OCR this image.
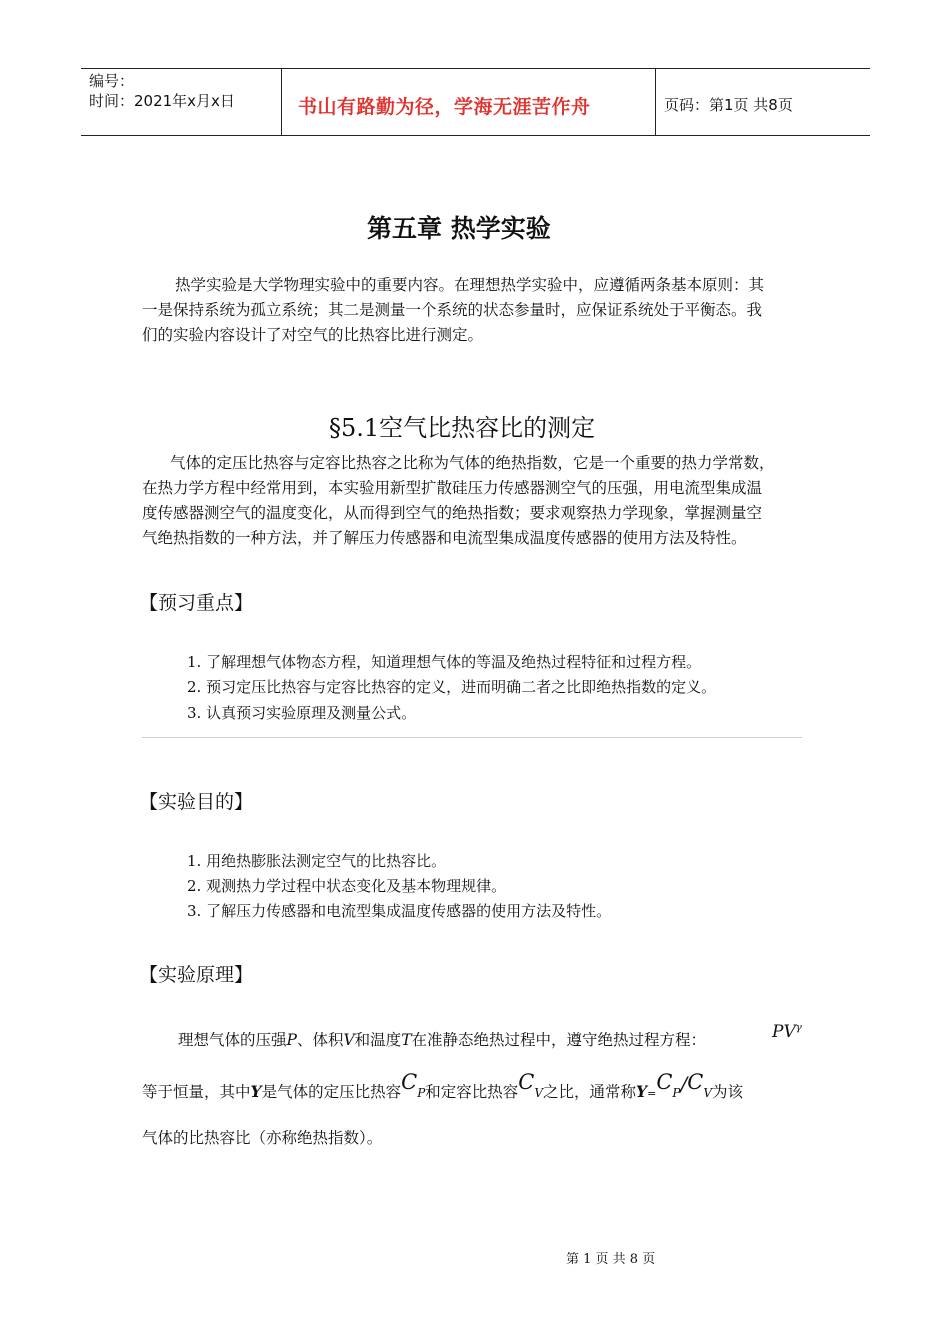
编号：
时间：2021年x月x日	书山有路勤为径，学海无涯苦作舟	页码：第1页 共8页
第五章 热学实验
热学实验是大学物理实验中的重要内容。在理想热学实验中，应遵循两条基本原则：其
一是保持系统为孤立系统；其二是测量一个系统的状态参量时，应保证系统处于平衡态。我
们的实验内容设计了对空气的比热容比进行测定。
§5.1空气比热容比的测定
气体的定压比热容与定容比热容之比称为气体的绝热指数，它是一个重要的热力学常数，
在热力学方程中经常用到，本实验用新型扩散硅压力传感器测空气的压强，用电流型集成温
度传感器测空气的温度变化，从而得到空气的绝热指数；要求观察热力学现象，掌握测量空
气绝热指数的一种方法，并了解压力传感器和电流型集成温度传感器的使用方法及特性。
【预习重点】
1. 了解理想气体物态方程，知道理想气体的等温及绝热过程特征和过程方程。
2. 预习定压比热容与定容比热容的定义，进而明确二者之比即绝热指数的定义。
3. 认真预习实验原理及测量公式。
【实验目的】
1. 用绝热膨胀法测定空气的比热容比。
2. 观测热力学过程中状态变化及基本物理规律。
3. 了解压力传感器和电流型集成温度传感器的使用方法及特性。
【实验原理】
理想气体的压强P、体积V和温度T在准静态绝热过程中，遵守绝热过程方程：	$PV^\gamma$
等于恒量，其中Y是气体的定压比热容CP和定容比热容CV之比，通常称Y=CP/CV为该
气体的比热容比（亦称绝热指数）。
第 1 页 共 8 页
